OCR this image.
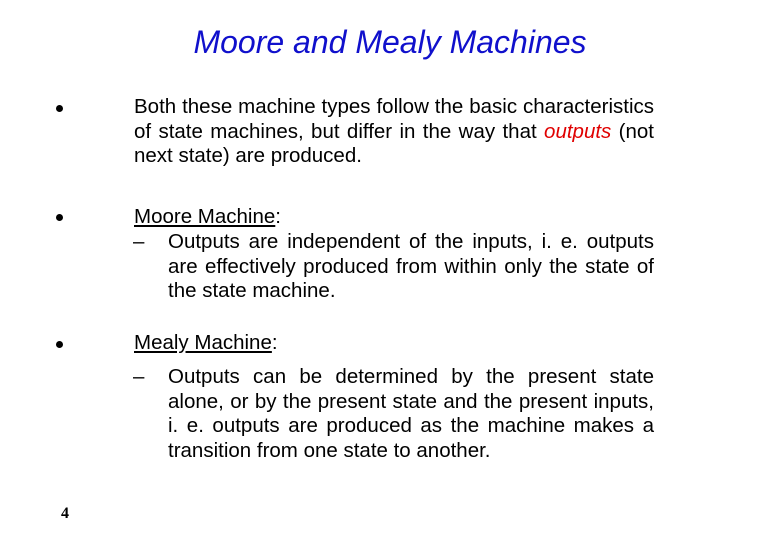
Moore and Mealy Machines
Both these machine types follow the basic characteristics of state machines, but differ in the way that outputs (not next state) are produced.
Moore Machine:
– Outputs are independent of the inputs, i. e. outputs are effectively produced from within only the state of the state machine.
Mealy Machine:
– Outputs can be determined by the present state alone, or by the present state and the present inputs, i. e. outputs are produced as the machine makes a transition from one state to another.
4
